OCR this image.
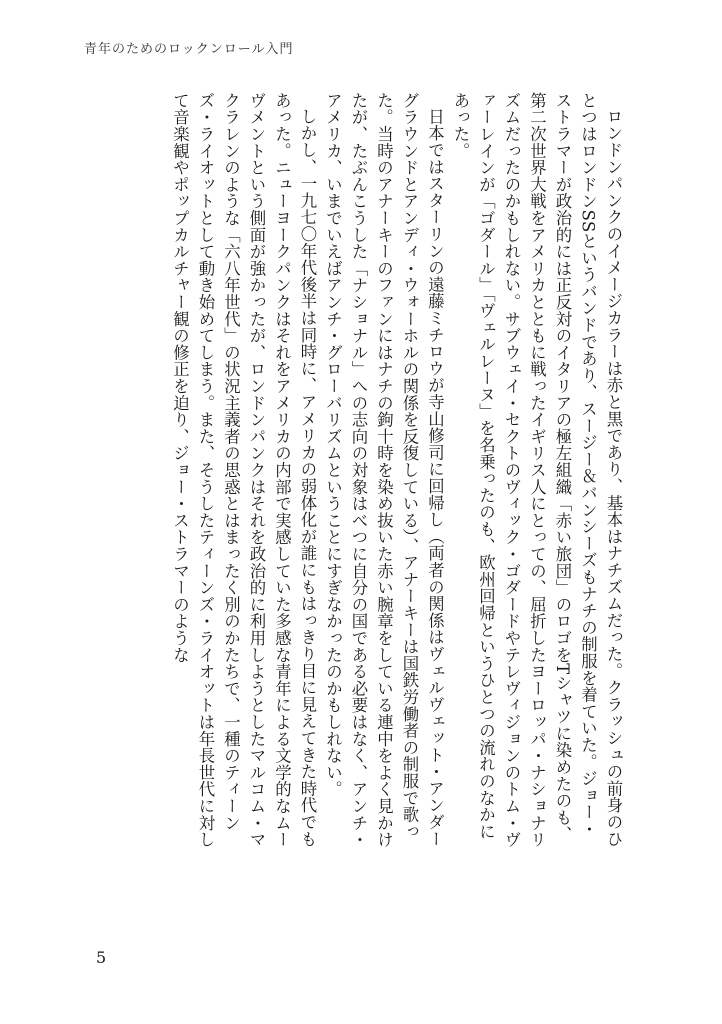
青年のためのロックンロール入門

ロンドンパンクのイメージカラーは赤と黒であり、基本はナチズムだった。クラッシュの前身のひとつはロンドンSSというバンドであり、スージー＆バンシーズもナチの制服を着ていた。ジョー・ストラマーが政治的には正反対のイタリアの極左組織「赤い旅団」のロゴをTシャツに染めたのも、第二次世界大戦をアメリカとともに戦ったイギリス人にとっての、屈折したヨーロッパ・ナショナリズムだったのかもしれない。サブウェイ・セクトのヴィック・ゴダードやテレヴィジョンのトム・ヴァーレインが「ゴダール」「ヴェルレーヌ」を名乗ったのも、欧州回帰というひとつの流れのなかにあった。

日本ではスターリンの遠藤ミチロウが寺山修司に回帰し（両者の関係はヴェルヴェット・アンダーグラウンドとアンディ・ウォーホルの関係を反復している）、アナーキーは国鉄労働者の制服で歌った。当時のアナーキーのファンにはナチの鉤十時を染め抜いた赤い腕章をしている連中をよく見かけたが、たぶんこうした「ナショナル」への志向の対象はべつに自分の国である必要はなく、アンチ・アメリカ、いまでいえばアンチ・グローバリズムということにすぎなかったのかもしれない。

しかし、一九七〇年代後半は同時に、アメリカの弱体化が誰にもはっきり目に見えてきた時代でもあった。ニューヨークパンクはそれをアメリカの内部で実感していた多感な青年による文学的なムーヴメントという側面が強かったが、ロンドンパンクはそれを政治的に利用しようとしたマルコム・マクラレンのような「六八年世代」の状況主義者の思惑とはまったく別のかたちで、一種のティーンズ・ライオットとして動き始めてしまう。また、そうしたティーンズ・ライオットは年長世代に対して音楽観やポップカルチャー観の修正を迫り、ジョー・ストラマーのような

5
